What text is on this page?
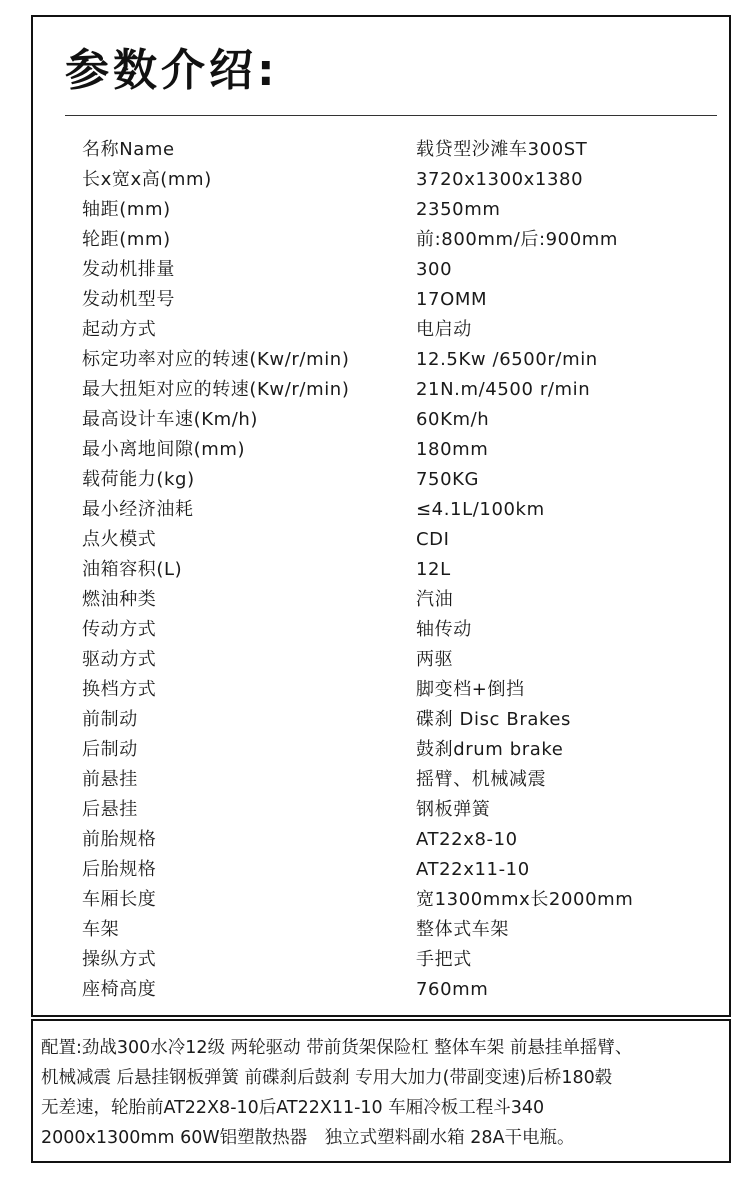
参数介绍:
名称Name	载贷型沙滩车300ST
长x宽x高(mm)	3720x1300x1380
轴距(mm)	2350mm
轮距(mm)	前:800mm/后:900mm
发动机排量	300
发动机型号	17OMM
起动方式	电启动
标定功率对应的转速(Kw/r/min)	12.5Kw /6500r/min
最大扭矩对应的转速(Kw/r/min)	21N.m/4500 r/min
最高设计车速(Km/h)	60Km/h
最小离地间隙(mm)	180mm
载荷能力(kg)	750KG
最小经济油耗	≤4.1L/100km
点火模式	CDI
油箱容积(L)	12L
燃油种类	汽油
传动方式	轴传动
驱动方式	两驱
换档方式	脚变档+倒挡
前制动	碟刹 Disc Brakes
后制动	鼓刹drum brake
前悬挂	摇臂、机械减震
后悬挂	钢板弹簧
前胎规格	AT22x8-10
后胎规格	AT22x11-10
车厢长度	宽1300mmx长2000mm
车架	整体式车架
操纵方式	手把式
座椅高度	760mm

配置:劲战300水冷12级 两轮驱动 带前货架保险杠 整体车架 前悬挂单摇臂、

机械减震 后悬挂钢板弹簧 前碟刹后鼓刹 专用大加力(带副变速)后桥180毂

无差速，轮胎前AT22X8-10后AT22X11-10 车厢冷板工程斗340

2000x1300mm 60W铝塑散热器　独立式塑料副水箱 28A干电瓶。
